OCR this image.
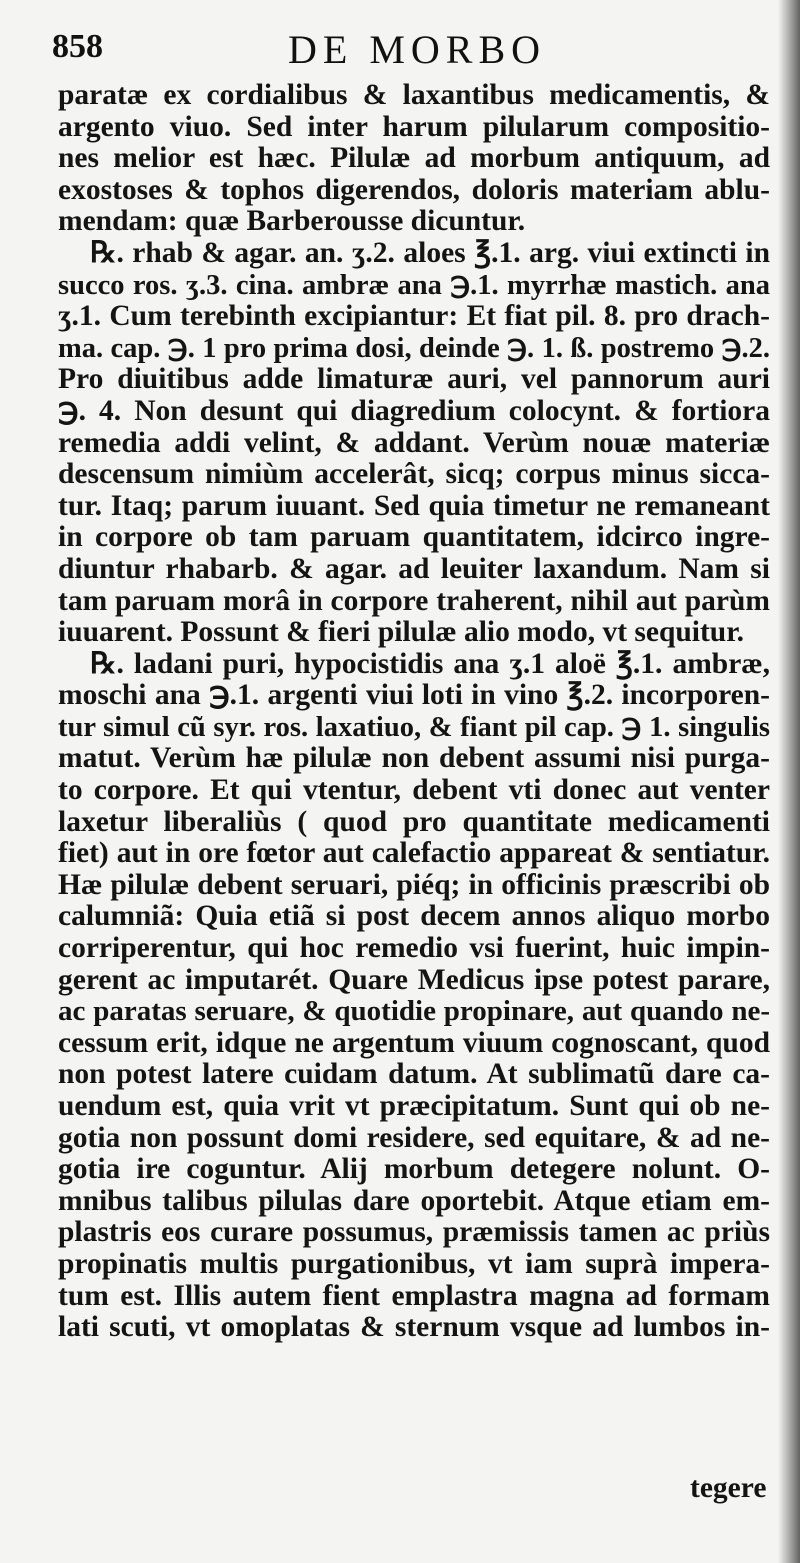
858	DE MORBO
paratæ ex cordialibus & laxantibus medicamentis, &
argento viuo. Sed inter harum pilularum compositio-
nes melior est hæc. Pilulæ ad morbum antiquum, ad
exostoses & tophos digerendos, doloris materiam ablu-
mendam: quæ Barberousse dicuntur.
℞. rhab & agar. an. ʒ.2. aloes ℥.1. arg. viui extincti in
succo ros. ʒ.3. cina. ambræ ana ℈.1. myrrhæ mastich. ana
ʒ.1. Cum terebinth excipiantur: Et fiat pil. 8. pro drach-
ma. cap. ℈. 1 pro prima dosi, deinde ℈. 1. ß. postremo ℈.2.
Pro diuitibus adde limaturæ auri, vel pannorum auri
℈. 4. Non desunt qui diagredium colocynt. & fortiora
remedia addi velint, & addant. Verùm nouæ materiæ
descensum nimiùm accelerât, sicq; corpus minus sicca-
tur. Itaq; parum iuuant. Sed quia timetur ne remaneant
in corpore ob tam paruam quantitatem, idcirco ingre-
diuntur rhabarb. & agar. ad leuiter laxandum. Nam si
tam paruam morâ in corpore traherent, nihil aut parùm
iuuarent. Possunt & fieri pilulæ alio modo, vt sequitur.
℞. ladani puri, hypocistidis ana ʒ.1 aloë ℥.1. ambræ,
moschi ana ℈.1. argenti viui loti in vino ℥.2. incorporen-
tur simul cũ syr. ros. laxatiuo, & fiant pil cap. ℈ 1. singulis
matut. Verùm hæ pilulæ non debent assumi nisi purga-
to corpore. Et qui vtentur, debent vti donec aut venter
laxetur liberaliùs ( quod pro quantitate medicamenti
fiet) aut in ore fœtor aut calefactio appareat & sentiatur.
Hæ pilulæ debent seruari, piéq; in officinis præscribi ob
calumniã: Quia etiã si post decem annos aliquo morbo
corriperentur, qui hoc remedio vsi fuerint, huic impin-
gerent ac imputarét. Quare Medicus ipse potest parare,
ac paratas seruare, & quotidie propinare, aut quando ne-
cessum erit, idque ne argentum viuum cognoscant, quod
non potest latere cuidam datum. At sublimatũ dare ca-
uendum est, quia vrit vt præcipitatum. Sunt qui ob ne-
gotia non possunt domi residere, sed equitare, & ad ne-
gotia ire coguntur. Alij morbum detegere nolunt. O-
mnibus talibus pilulas dare oportebit. Atque etiam em-
plastris eos curare possumus, præmissis tamen ac priùs
propinatis multis purgationibus, vt iam suprà impera-
tum est. Illis autem fient emplastra magna ad formam
lati scuti, vt omoplatas & sternum vsque ad lumbos in-
tegere
